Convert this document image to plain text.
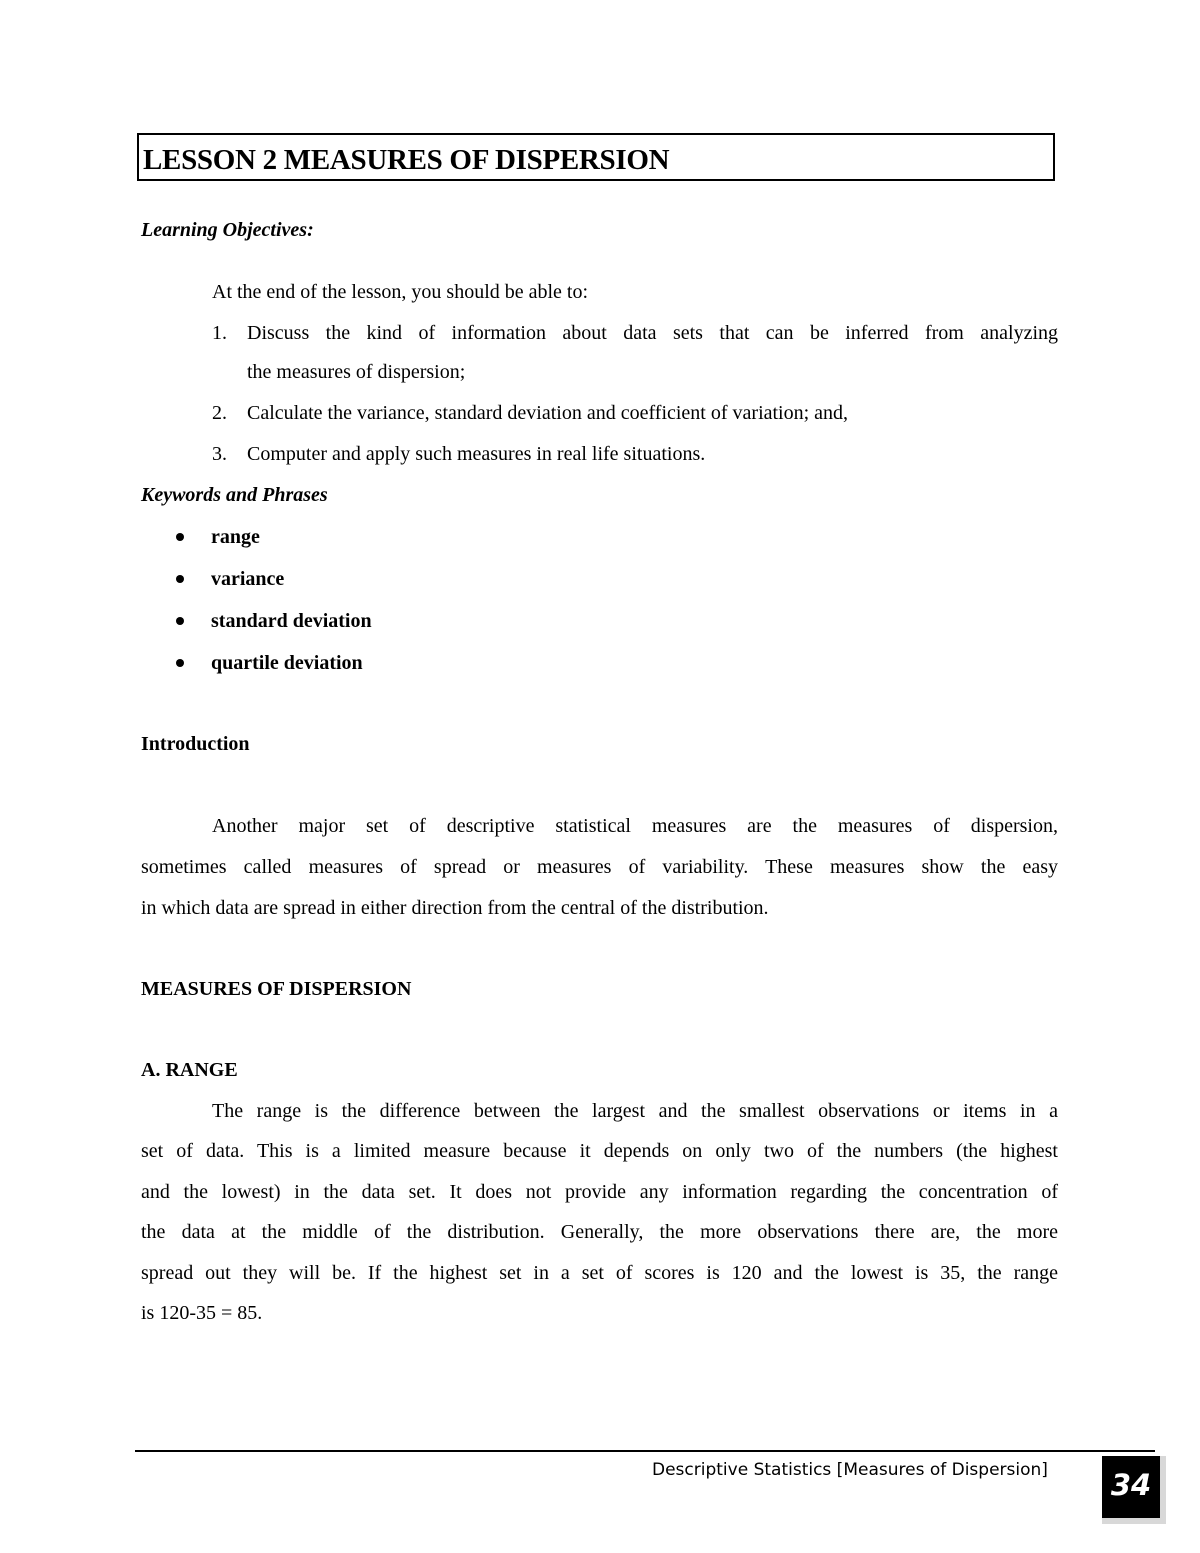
LESSON 2 MEASURES OF DISPERSION
Learning Objectives:
At the end of the lesson, you should be able to:
1. Discuss the kind of information about data sets that can be inferred from analyzing
the measures of dispersion;
2. Calculate the variance, standard deviation and coefficient of variation; and,
3. Computer and apply such measures in real life situations.
Keywords and Phrases
range
variance
standard deviation
quartile deviation
Introduction
Another major set of descriptive statistical measures are the measures of dispersion,
sometimes called measures of spread or measures of variability. These measures show the easy
in which data are spread in either direction from the central of the distribution.
MEASURES OF DISPERSION
A. RANGE
The range is the difference between the largest and the smallest observations or items in a
set of data. This is a limited measure because it depends on only two of the numbers (the highest
and the lowest) in the data set. It does not provide any information regarding the concentration of
the data at the middle of the distribution. Generally, the more observations there are, the more
spread out they will be. If the highest set in a set of scores is 120 and the lowest is 35, the range
is 120-35 = 85.
Descriptive Statistics [Measures of Dispersion]	34
